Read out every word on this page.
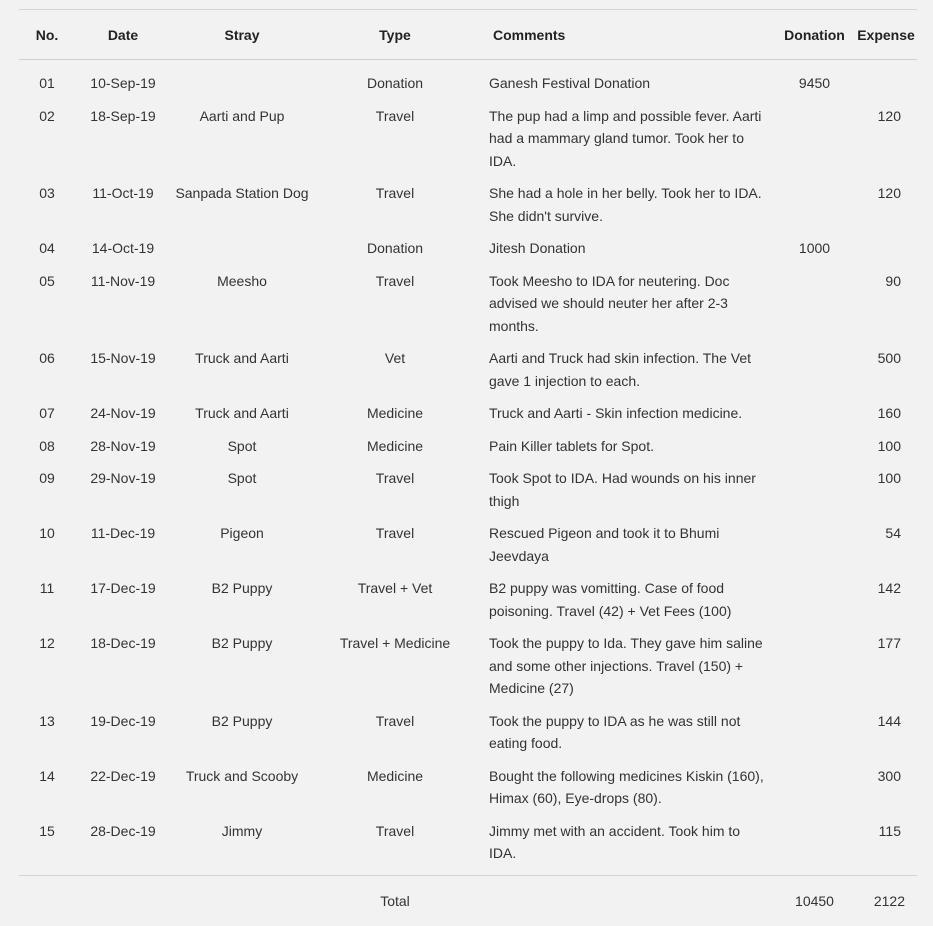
No.	Date	Stray	Type	Comments	Donation	Expense

01	10-Sep-19		Donation	Ganesh Festival Donation	9450	
02	18-Sep-19	Aarti and Pup	Travel	The pup had a limp and possible fever. Aarti had a mammary gland tumor. Took her to IDA.		120
03	11-Oct-19	Sanpada Station Dog	Travel	She had a hole in her belly. Took her to IDA. She didn't survive.		120
04	14-Oct-19		Donation	Jitesh Donation	1000	
05	11-Nov-19	Meesho	Travel	Took Meesho to IDA for neutering. Doc advised we should neuter her after 2-3 months.		90
06	15-Nov-19	Truck and Aarti	Vet	Aarti and Truck had skin infection. The Vet gave 1 injection to each.		500
07	24-Nov-19	Truck and Aarti	Medicine	Truck and Aarti - Skin infection medicine.		160
08	28-Nov-19	Spot	Medicine	Pain Killer tablets for Spot.		100
09	29-Nov-19	Spot	Travel	Took Spot to IDA. Had wounds on his inner thigh		100
10	11-Dec-19	Pigeon	Travel	Rescued Pigeon and took it to Bhumi Jeevdaya		54
11	17-Dec-19	B2 Puppy	Travel + Vet	B2 puppy was vomitting. Case of food poisoning. Travel (42) + Vet Fees (100)		142
12	18-Dec-19	B2 Puppy	Travel + Medicine	Took the puppy to Ida. They gave him saline and some other injections. Travel (150) + Medicine (27)		177
13	19-Dec-19	B2 Puppy	Travel	Took the puppy to IDA as he was still not eating food.		144
14	22-Dec-19	Truck and Scooby	Medicine	Bought the following medicines Kiskin (160), Himax (60), Eye-drops (80).		300
15	28-Dec-19	Jimmy	Travel	Jimmy met with an accident. Took him to IDA.		115
			Total		10450	2122
